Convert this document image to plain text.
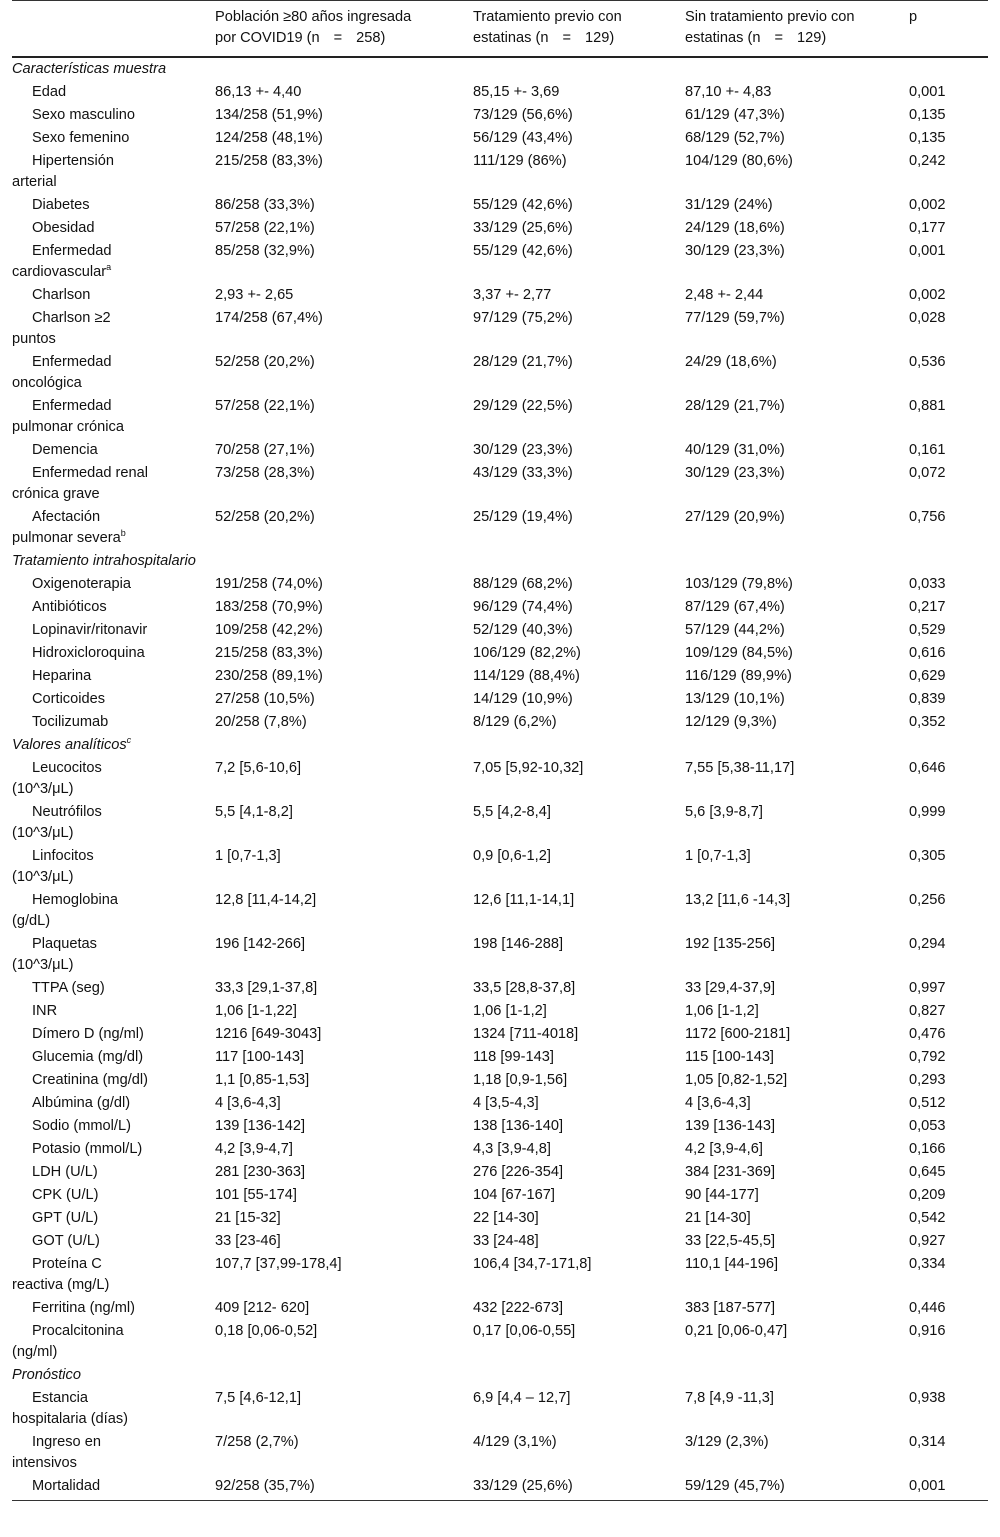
	Población ≥80 años ingresada
por COVID19 (n = 258)	Tratamiento previo con
estatinas (n = 129)	Sin tratamiento previo con
estatinas (n = 129)	p
Características muestra				

Edad	86,13 +- 4,40	85,15 +- 3,69	87,10 +- 4,83	0,001

Sexo masculino	134/258 (51,9%)	73/129 (56,6%)	61/129 (47,3%)	0,135

Sexo femenino	124/258 (48,1%)	56/129 (43,4%)	68/129 (52,7%)	0,135

Hipertensión
arterial	215/258 (83,3%)	111/129 (86%)	104/129 (80,6%)	0,242

Diabetes	86/258 (33,3%)	55/129 (42,6%)	31/129 (24%)	0,002

Obesidad	57/258 (22,1%)	33/129 (25,6%)	24/129 (18,6%)	0,177

Enfermedad
cardiovascular$^a$	85/258 (32,9%)	55/129 (42,6%)	30/129 (23,3%)	0,001

Charlson	2,93 +- 2,65	3,37 +- 2,77	2,48 +- 2,44	0,002

Charlson ≥2
puntos	174/258 (67,4%)	97/129 (75,2%)	77/129 (59,7%)	0,028

Enfermedad
oncológica	52/258 (20,2%)	28/129 (21,7%)	24/29 (18,6%)	0,536

Enfermedad
pulmonar crónica	57/258 (22,1%)	29/129 (22,5%)	28/129 (21,7%)	0,881

Demencia	70/258 (27,1%)	30/129 (23,3%)	40/129 (31,0%)	0,161

Enfermedad renal
crónica grave	73/258 (28,3%)	43/129 (33,3%)	30/129 (23,3%)	0,072

Afectación
pulmonar severa$^b$	52/258 (20,2%)	25/129 (19,4%)	27/129 (20,9%)	0,756
Tratamiento intrahospitalario				

Oxigenoterapia	191/258 (74,0%)	88/129 (68,2%)	103/129 (79,8%)	0,033

Antibióticos	183/258 (70,9%)	96/129 (74,4%)	87/129 (67,4%)	0,217

Lopinavir/ritonavir	109/258 (42,2%)	52/129 (40,3%)	57/129 (44,2%)	0,529

Hidroxicloroquina	215/258 (83,3%)	106/129 (82,2%)	109/129 (84,5%)	0,616

Heparina	230/258 (89,1%)	114/129 (88,4%)	116/129 (89,9%)	0,629

Corticoides	27/258 (10,5%)	14/129 (10,9%)	13/129 (10,1%)	0,839

Tocilizumab	20/258 (7,8%)	8/129 (6,2%)	12/129 (9,3%)	0,352
Valores analíticos$^c$

Leucocitos
(10^3/μL)	7,2 [5,6-10,6]	7,05 [5,92-10,32]	7,55 [5,38-11,17]	0,646

Neutrófilos
(10^3/μL)	5,5 [4,1-8,2]	5,5 [4,2-8,4]	5,6 [3,9-8,7]	0,999

Linfocitos
(10^3/μL)	1 [0,7-1,3]	0,9 [0,6-1,2]	1 [0,7-1,3]	0,305

Hemoglobina
(g/dL)	12,8 [11,4-14,2]	12,6 [11,1-14,1]	13,2 [11,6 -14,3]	0,256

Plaquetas
(10^3/μL)	196 [142-266]	198 [146-288]	192 [135-256]	0,294

TTPA (seg)	33,3 [29,1-37,8]	33,5 [28,8-37,8]	33 [29,4-37,9]	0,997

INR	1,06 [1-1,22]	1,06 [1-1,2]	1,06 [1-1,2]	0,827

Dímero D (ng/ml)	1216 [649-3043]	1324 [711-4018]	1172 [600-2181]	0,476

Glucemia (mg/dl)	117 [100-143]	118 [99-143]	115 [100-143]	0,792

Creatinina (mg/dl)	1,1 [0,85-1,53]	1,18 [0,9-1,56]	1,05 [0,82-1,52]	0,293

Albúmina (g/dl)	4 [3,6-4,3]	4 [3,5-4,3]	4 [3,6-4,3]	0,512

Sodio (mmol/L)	139 [136-142]	138 [136-140]	139 [136-143]	0,053

Potasio (mmol/L)	4,2 [3,9-4,7]	4,3 [3,9-4,8]	4,2 [3,9-4,6]	0,166

LDH (U/L)	281 [230-363]	276 [226-354]	384 [231-369]	0,645

CPK (U/L)	101 [55-174]	104 [67-167]	90 [44-177]	0,209

GPT (U/L)	21 [15-32]	22 [14-30]	21 [14-30]	0,542

GOT (U/L)	33 [23-46]	33 [24-48]	33 [22,5-45,5]	0,927

Proteína C
reactiva (mg/L)	107,7 [37,99-178,4]	106,4 [34,7-171,8]	110,1 [44-196]	0,334

Ferritina (ng/ml)	409 [212- 620]	432 [222-673]	383 [187-577]	0,446

Procalcitonina
(ng/ml)	0,18 [0,06-0,52]	0,17 [0,06-0,55]	0,21 [0,06-0,47]	0,916
Pronóstico				

Estancia
hospitalaria (días)	7,5 [4,6-12,1]	6,9 [4,4 – 12,7]	7,8 [4,9 -11,3]	0,938

Ingreso en
intensivos	7/258 (2,7%)	4/129 (3,1%)	3/129 (2,3%)	0,314

Mortalidad	92/258 (35,7%)	33/129 (25,6%)	59/129 (45,7%)	0,001
